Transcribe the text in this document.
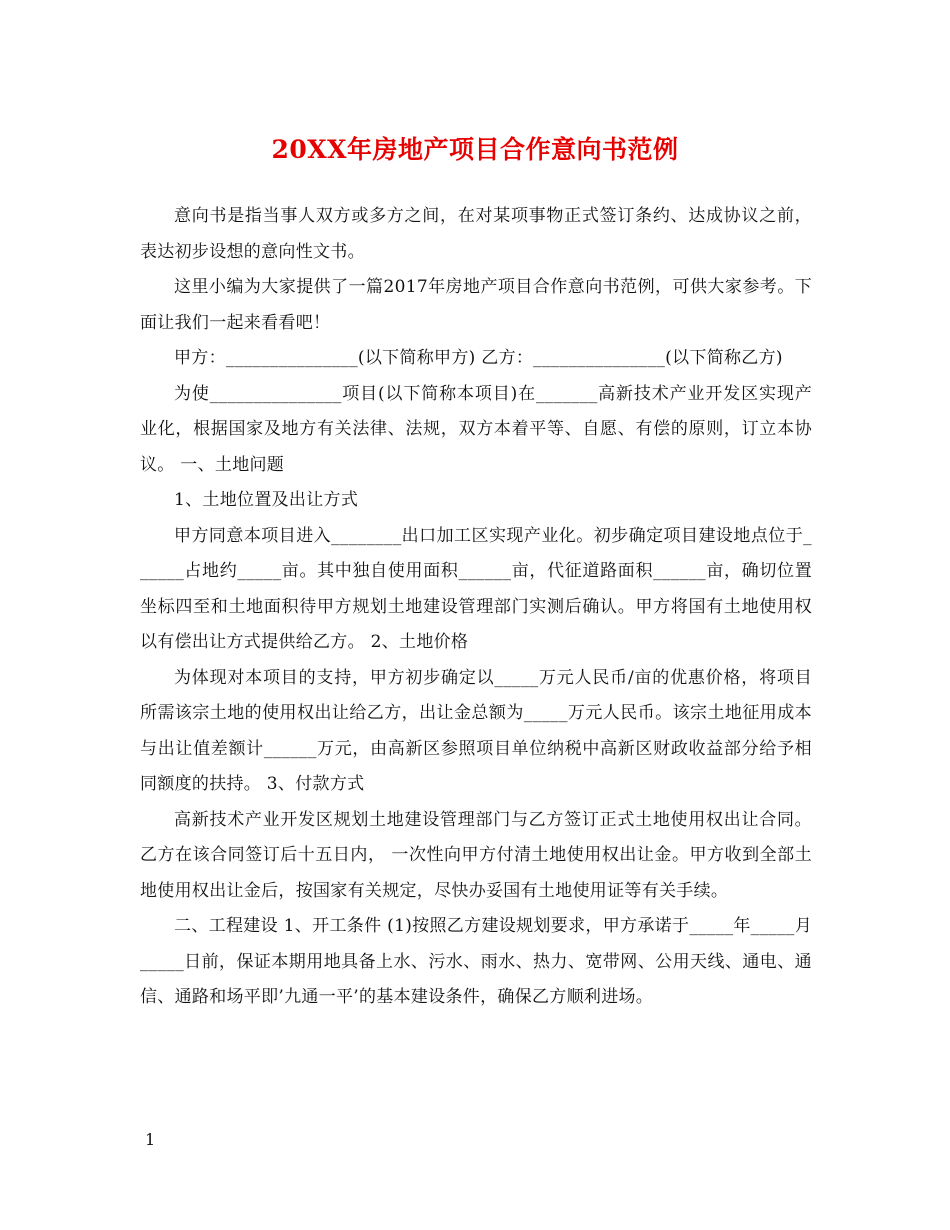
20XX年房地产项目合作意向书范例

意向书是指当事人双方或多方之间，在对某项事物正式签订条约、达成协议之前，表达初步设想的意向性文书。

这里小编为大家提供了一篇2017年房地产项目合作意向书范例，可供大家参考。下面让我们一起来看看吧！

甲方：_______________(以下简称甲方) 乙方：_______________(以下简称乙方)

为使_______________项目(以下简称本项目)在_______高新技术产业开发区实现产业化，根据国家及地方有关法律、法规，双方本着平等、自愿、有偿的原则，订立本协议。 一、土地问题

1、土地位置及出让方式

甲方同意本项目进入________出口加工区实现产业化。初步确定项目建设地点位于______占地约_____亩。其中独自使用面积______亩，代征道路面积______亩，确切位置坐标四至和土地面积待甲方规划土地建设管理部门实测后确认。甲方将国有土地使用权以有偿出让方式提供给乙方。 2、土地价格

为体现对本项目的支持，甲方初步确定以_____万元人民币/亩的优惠价格，将项目所需该宗土地的使用权出让给乙方，出让金总额为_____万元人民币。该宗土地征用成本与出让值差额计______万元，由高新区参照项目单位纳税中高新区财政收益部分给予相同额度的扶持。 3、付款方式

高新技术产业开发区规划土地建设管理部门与乙方签订正式土地使用权出让合同。 乙方在该合同签订后十五日内， 一次性向甲方付清土地使用权出让金。甲方收到全部土地使用权出让金后，按国家有关规定，尽快办妥国有土地使用证等有关手续。

二、工程建设 1、开工条件 (1)按照乙方建设规划要求，甲方承诺于_____年_____月_____日前，保证本期用地具备上水、污水、雨水、热力、宽带网、公用天线、通电、通信、通路和场平即’九通一平’的基本建设条件，确保乙方顺利进场。

1
